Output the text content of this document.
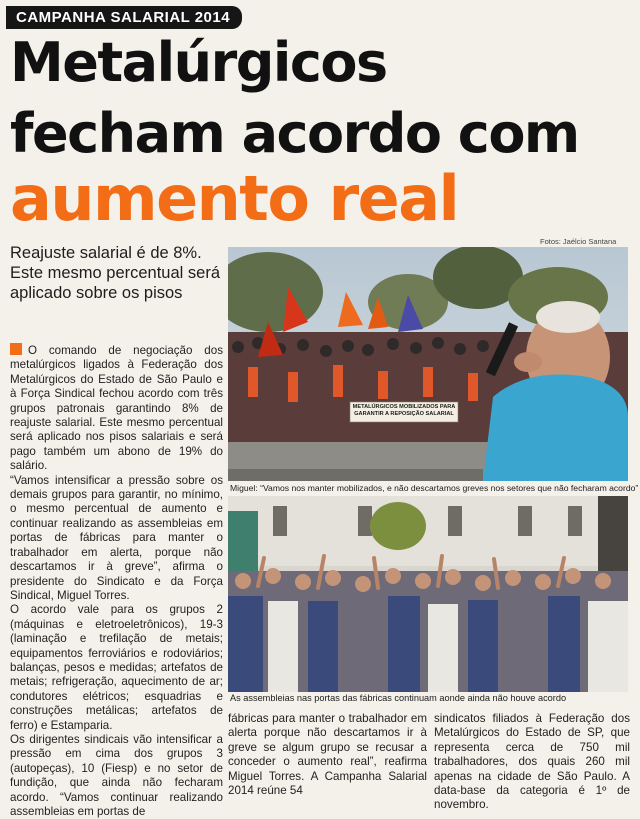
CAMPANHA SALARIAL 2014
Metalúrgicos
fecham acordo com
aumento real
Reajuste salarial é de 8%. Este mesmo percentual será aplicado sobre os pisos
Fotos: Jaélcio Santana

O comando de negociação dos metalúrgicos ligados à Federação dos Metalúrgicos do Estado de São Paulo e à Força Sindical fechou acordo com três grupos patronais garantindo 8% de reajuste salarial. Este mesmo percentual será aplicado nos pisos salariais e será pago também um abono de 19% do salário.

“Vamos intensificar a pressão sobre os demais grupos para garantir, no mínimo, o mesmo percentual de aumento e continuar realizando as assembleias em portas de fábricas para manter o trabalhador em alerta, porque não descartamos ir à greve”, afirma o presidente do Sindicato e da Força Sindical, Miguel Torres.

O acordo vale para os grupos 2 (máquinas e eletroeletrônicos), 19-3 (laminação e trefilação de metais; equipamentos ferroviários e rodoviários; balanças, pesos e medidas; artefatos de metais; refrigeração, aquecimento de ar; condutores elétricos; esquadrias e construções metálicas; artefatos de ferro) e Estamparia.

Os dirigentes sindicais vão intensificar a pressão em cima dos grupos 3 (autopeças), 10 (Fiesp) e no setor de fundição, que ainda não fecharam acordo. “Vamos continuar realizando assembleias em portas de

METALÚRGICOS MOBILIZADOS PARA GARANTIR A REPOSIÇÃO SALARIAL
Miguel: “Vamos nos manter mobilizados, e não descartamos greves nos setores que não fecharam acordo”
As assembleias nas portas das fábricas continuam aonde ainda não houve acordo
fábricas para manter o trabalhador em alerta porque não descartamos ir à greve se algum grupo se recusar a conceder o aumento real”, reafirma Miguel Torres. A Campanha Salarial 2014 reúne 54
sindicatos filiados à Federação dos Metalúrgicos do Estado de SP, que representa cerca de 750 mil trabalhadores, dos quais 260 mil apenas na cidade de São Paulo. A data-base da categoria é 1º de novembro.
